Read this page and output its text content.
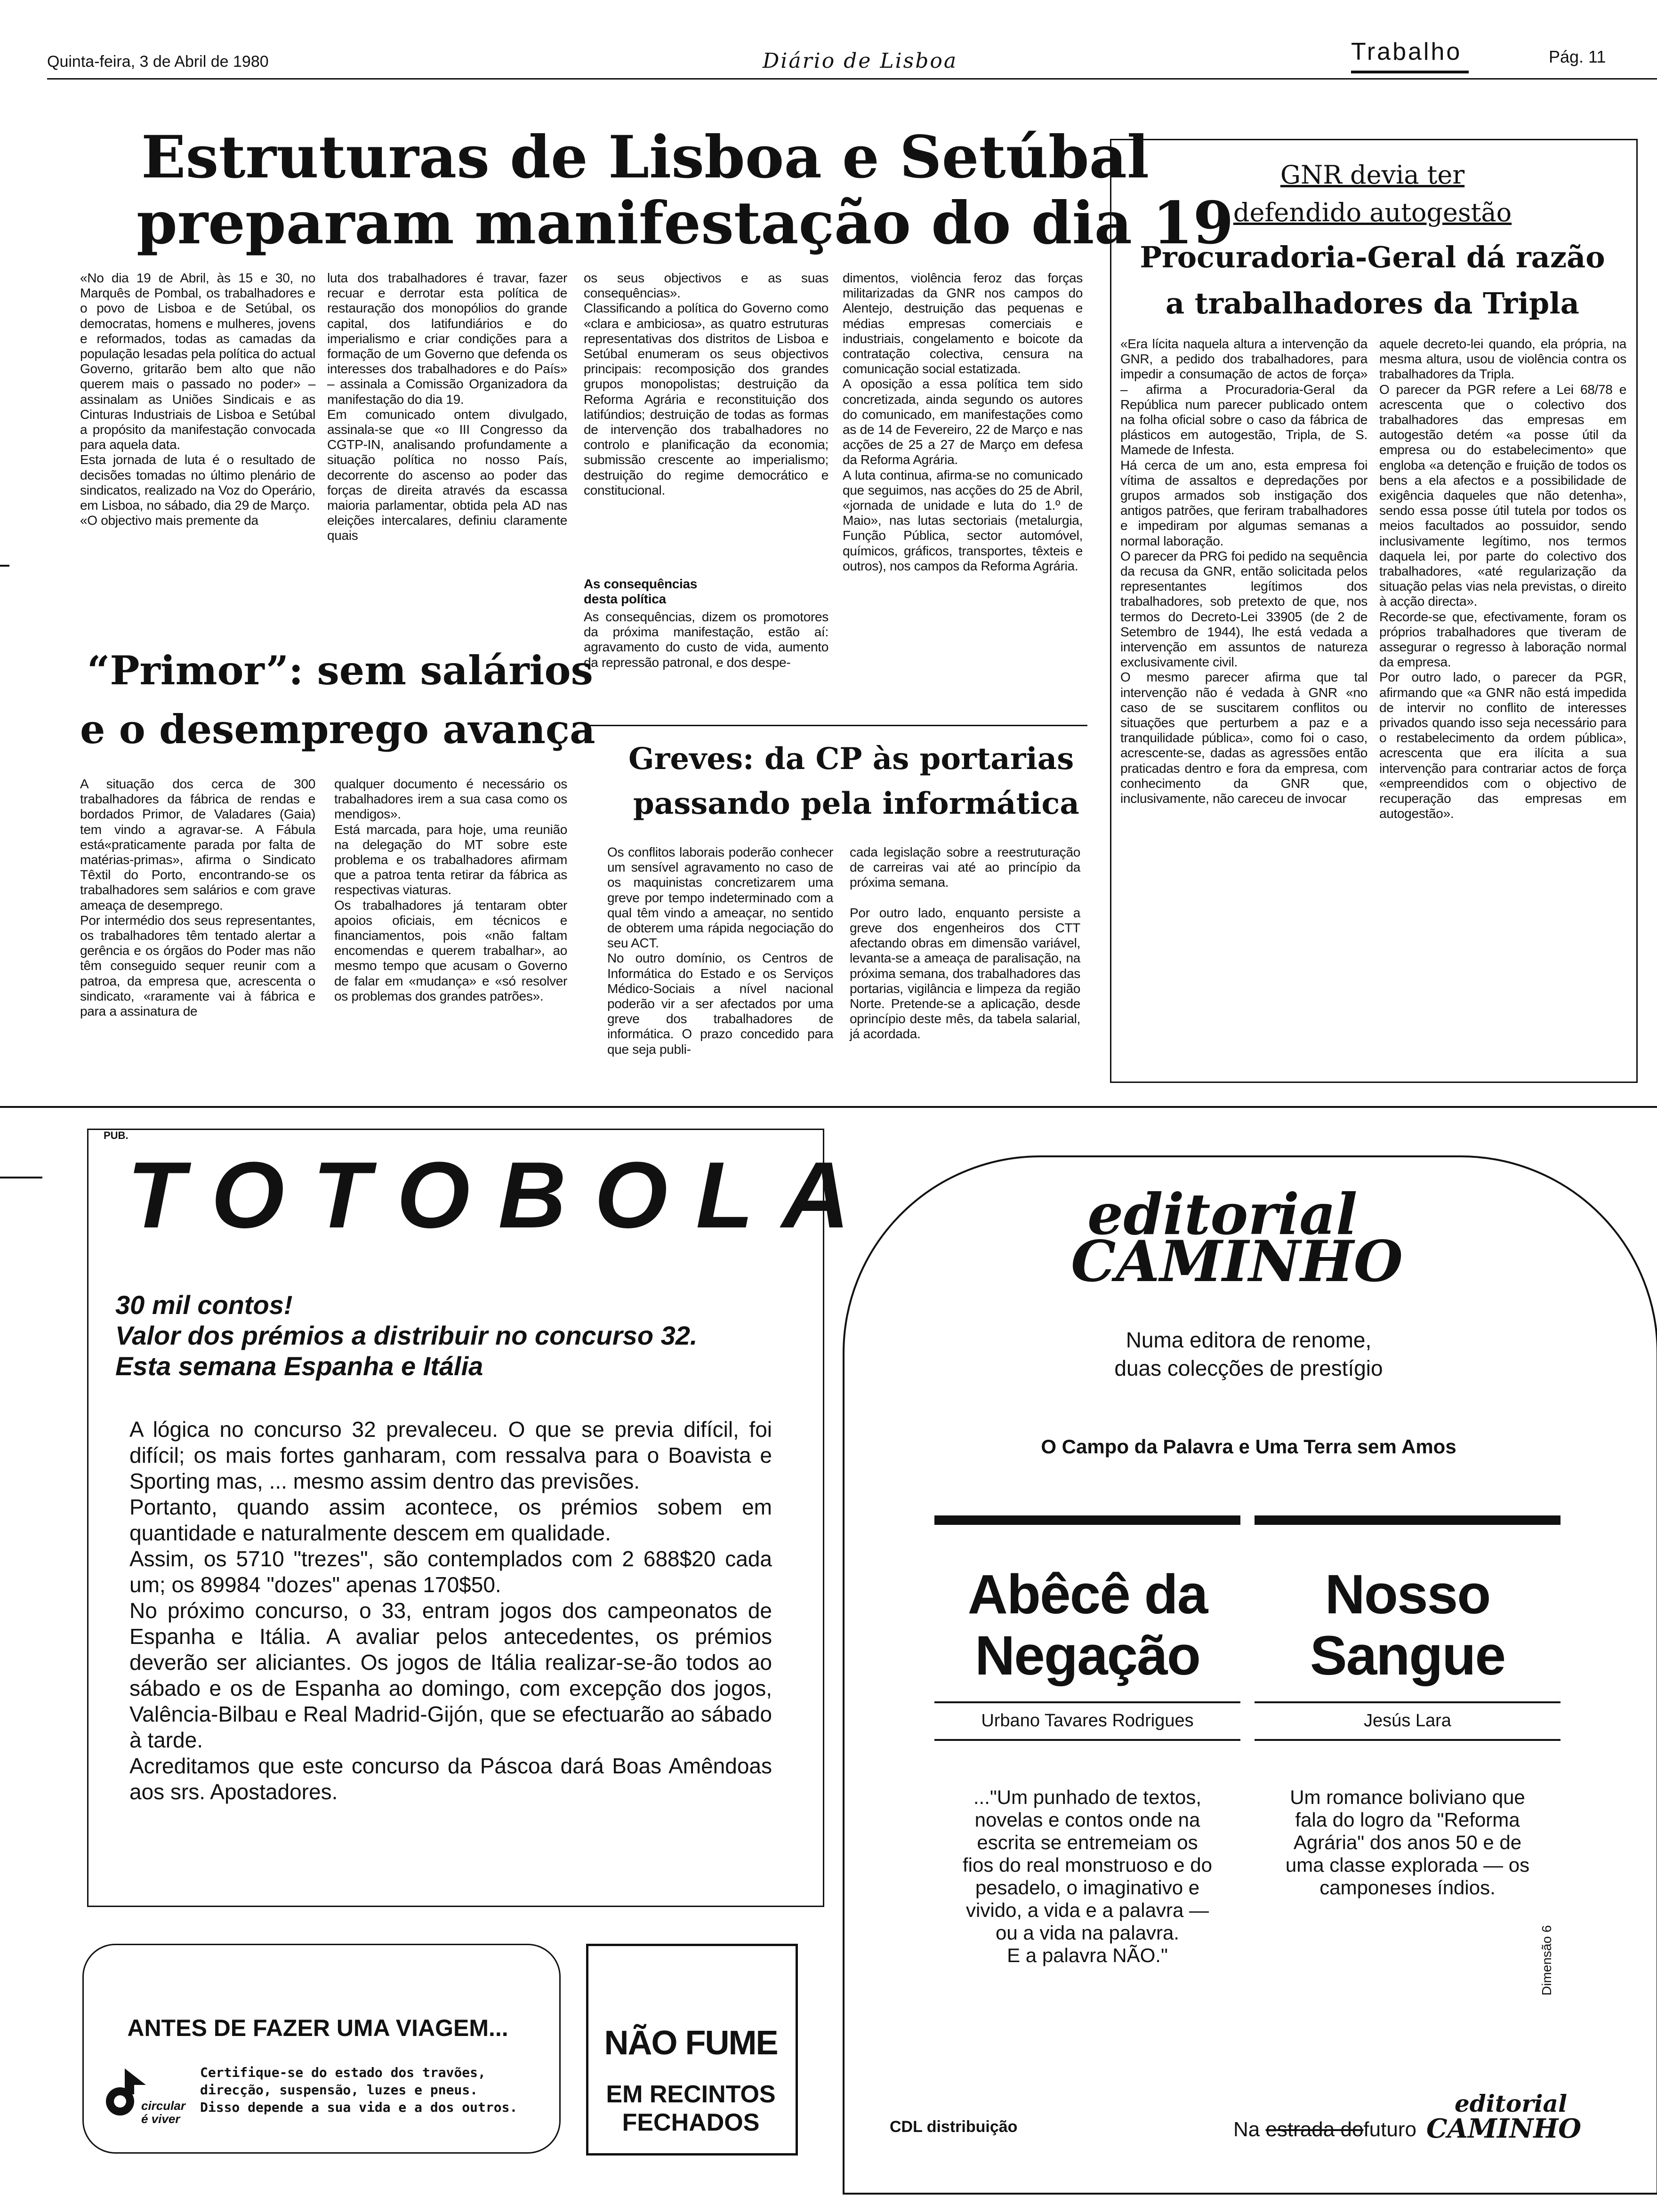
Quinta-feira, 3 de Abril de 1980	Diário de Lisboa	Trabalho	Pág. 11
Estruturas de Lisboa e Setúbal
preparam manifestação do dia 19
«No dia 19 de Abril, às 15 e 30, no Marquês de Pombal, os trabalhadores e o povo de Lisboa e de Setúbal, os democratas, homens e mulheres, jovens e reformados, todas as camadas da população lesadas pela política do actual Governo, gritarão bem alto que não querem mais o passado no poder» – assinalam as Uniões Sindicais e as Cinturas Industriais de Lisboa e Setúbal a propósito da manifestação convocada para aquela data.
Esta jornada de luta é o resultado de decisões tomadas no último plenário de sindicatos, realizado na Voz do Operário, em Lisboa, no sábado, dia 29 de Março.
«O objectivo mais premente da
luta dos trabalhadores é travar, fazer recuar e derrotar esta política de restauração dos monopólios do grande capital, dos latifundiários e do imperialismo e criar condições para a formação de um Governo que defenda os interesses dos trabalhadores e do País» – assinala a Comissão Organizadora da manifestação do dia 19.
Em comunicado ontem divulgado, assinala-se que «o III Congresso da CGTP-IN, analisando profundamente a situação política no nosso País, decorrente do ascenso ao poder das forças de direita através da escassa maioria parlamentar, obtida pela AD nas eleições intercalares, definiu claramente quais
os seus objectivos e as suas consequências».
Classificando a política do Governo como «clara e ambiciosa», as quatro estruturas representativas dos distritos de Lisboa e Setúbal enumeram os seus objectivos principais: recomposição dos grandes grupos monopolistas; destruição da Reforma Agrária e reconstituição dos latifúndios; destruição de todas as formas de intervenção dos trabalhadores no controlo e planificação da economia; submissão crescente ao imperialismo; destruição do regime democrático e constitucional.
As consequências
desta política
As consequências, dizem os promotores da próxima manifestação, estão aí: agravamento do custo de vida, aumento da repressão patronal, e dos despe-
dimentos, violência feroz das forças militarizadas da GNR nos campos do Alentejo, destruição das pequenas e médias empresas comerciais e industriais, congelamento e boicote da contratação colectiva, censura na comunicação social estatizada.
A oposição a essa política tem sido concretizada, ainda segundo os autores do comunicado, em manifestações como as de 14 de Fevereiro, 22 de Março e nas acções de 25 a 27 de Março em defesa da Reforma Agrária.
A luta continua, afirma-se no comunicado que seguimos, nas acções do 25 de Abril, «jornada de unidade e luta do 1.º de Maio», nas lutas sectoriais (metalurgia, Função Pública, sector automóvel, químicos, gráficos, transportes, têxteis e outros), nos campos da Reforma Agrária.
“Primor”: sem salários
e o desemprego avança
A situação dos cerca de 300 trabalhadores da fábrica de rendas e bordados Primor, de Valadares (Gaia) tem vindo a agravar-se. A Fábula está«praticamente parada por falta de matérias-primas», afirma o Sindicato Têxtil do Porto, encontrando-se os trabalhadores sem salários e com grave ameaça de desemprego.
Por intermédio dos seus representantes, os trabalhadores têm tentado alertar a gerência e os órgãos do Poder mas não têm conseguido sequer reunir com a patroa, da empresa que, acrescenta o sindicato, «raramente vai à fábrica e para a assinatura de
qualquer documento é necessário os trabalhadores irem a sua casa como os mendigos».
Está marcada, para hoje, uma reunião na delegação do MT sobre este problema e os trabalhadores afirmam que a patroa tenta retirar da fábrica as respectivas viaturas.
Os trabalhadores já tentaram obter apoios oficiais, em técnicos e financiamentos, pois «não faltam encomendas e querem trabalhar», ao mesmo tempo que acusam o Governo de falar em «mudança» e «só resolver os problemas dos grandes patrões».
Greves: da CP às portarias
passando pela informática
Os conflitos laborais poderão conhecer um sensível agravamento no caso de os maquinistas concretizarem uma greve por tempo indeterminado com a qual têm vindo a ameaçar, no sentido de obterem uma rápida negociação do seu ACT.
No outro domínio, os Centros de Informática do Estado e os Serviços Médico-Sociais a nível nacional poderão vir a ser afectados por uma greve dos trabalhadores de informática. O prazo concedido para que seja publi-
cada legislação sobre a reestruturação de carreiras vai até ao princípio da próxima semana.

Por outro lado, enquanto persiste a greve dos engenheiros dos CTT afectando obras em dimensão variável, levanta-se a ameaça de paralisação, na próxima semana, dos trabalhadores das portarias, vigilância e limpeza da região Norte. Pretende-se a aplicação, desde oprincípio deste mês, da tabela salarial, já acordada.
GNR devia ter
defendido autogestão
Procuradoria-Geral dá razão
a trabalhadores da Tripla
«Era lícita naquela altura a intervenção da GNR, a pedido dos trabalhadores, para impedir a consumação de actos de força» – afirma a Procuradoria-Geral da República num parecer publicado ontem na folha oficial sobre o caso da fábrica de plásticos em autogestão, Tripla, de S. Mamede de Infesta.
Há cerca de um ano, esta empresa foi vítima de assaltos e depredações por grupos armados sob instigação dos antigos patrões, que feriram trabalhadores e impediram por algumas semanas a normal laboração.
O parecer da PRG foi pedido na sequência da recusa da GNR, então solicitada pelos representantes legítimos dos trabalhadores, sob pretexto de que, nos termos do Decreto-Lei 33905 (de 2 de Setembro de 1944), lhe está vedada a intervenção em assuntos de natureza exclusivamente civil.
O mesmo parecer afirma que tal intervenção não é vedada à GNR «no caso de se suscitarem conflitos ou situações que perturbem a paz e a tranquilidade pública», como foi o caso, acrescente-se, dadas as agressões então praticadas dentro e fora da empresa, com conhecimento da GNR que, inclusivamente, não careceu de invocar
aquele decreto-lei quando, ela própria, na mesma altura, usou de violência contra os trabalhadores da Tripla.
O parecer da PGR refere a Lei 68/78 e acrescenta que o colectivo dos trabalhadores das empresas em autogestão detém «a posse útil da empresa ou do estabelecimento» que engloba «a detenção e fruição de todos os bens a ela afectos e a possibilidade de exigência daqueles que não detenha», sendo essa posse útil tutela por todos os meios facultados ao possuidor, sendo inclusivamente legítimo, nos termos daquela lei, por parte do colectivo dos trabalhadores, «até regularização da situação pelas vias nela previstas, o direito à acção directa».
Recorde-se que, efectivamente, foram os próprios trabalhadores que tiveram de assegurar o regresso à laboração normal da empresa.
Por outro lado, o parecer da PGR, afirmando que «a GNR não está impedida de intervir no conflito de interesses privados quando isso seja necessário para o restabelecimento da ordem pública», acrescenta que era ilícita a sua intervenção para contrariar actos de força «empreendidos com o objectivo de recuperação das empresas em autogestão».
PUB.
TOTOBOLA
30 mil contos!
Valor dos prémios a distribuir no concurso 32.
Esta semana Espanha e Itália
A lógica no concurso 32 prevaleceu. O que se previa difícil, foi difícil; os mais fortes ganharam, com ressalva para o Boavista e Sporting mas, ... mesmo assim dentro das previsões.
Portanto, quando assim acontece, os prémios sobem em quantidade e naturalmente descem em qualidade.
Assim, os 5710 "trezes", são contemplados com 2 688$20 cada um; os 89984 "dozes" apenas 170$50.
No próximo concurso, o 33, entram jogos dos campeonatos de Espanha e Itália. A avaliar pelos antecedentes, os prémios deverão ser aliciantes. Os jogos de Itália realizar-se-ão todos ao sábado e os de Espanha ao domingo, com excepção dos jogos, Valência-Bilbau e Real Madrid-Gijón, que se efectuarão ao sábado à tarde.
Acreditamos que este concurso da Páscoa dará Boas Amêndoas aos srs. Apostadores.
ANTES DE FAZER UMA VIAGEM...
circular
é viver
Certifique-se do estado dos travões,
direcção, suspensão, luzes e pneus.
Disso depende a sua vida e a dos outros.
NÃO FUME
EM RECINTOS
FECHADOS
editorial
CAMINHO
Numa editora de renome,
duas colecções de prestígio
O Campo da Palavra e Uma Terra sem Amos
Abêcê da
Negação
Nosso
Sangue
Urbano Tavares Rodrigues	Jesús Lara
..."Um punhado de textos,
novelas e contos onde na
escrita se entremeiam os
fios do real monstruoso e do
pesadelo, o imaginativo e
vivido, a vida e a palavra —
ou a vida na palavra.
E a palavra NÃO."
Um romance boliviano que
fala do logro da "Reforma
Agrária" dos anos 50 e de
uma classe explorada — os
camponeses índios.
Dimensão 6
CDL distribuição	Na estrada dofuturo
editorial
CAMINHO
